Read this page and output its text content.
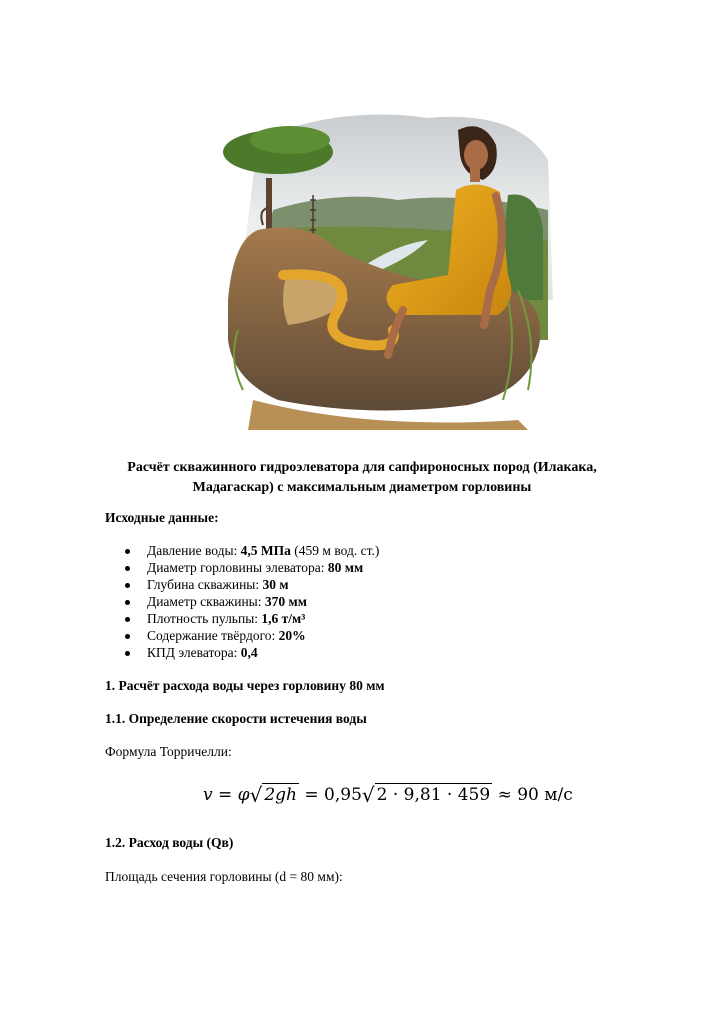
Расчёт скважинного гидроэлеватора для сапфироносных пород (Илакака, Мадагаскар) с максимальным диаметром горловины
Исходные данные:
Давление воды: 4,5 МПа (459 м вод. ст.)
Диаметр горловины элеватора: 80 мм
Глубина скважины: 30 м
Диаметр скважины: 370 мм
Плотность пульпы: 1,6 т/м³
Содержание твёрдого: 20%
КПД элеватора: 0,4
1. Расчёт расхода воды через горловину 80 мм
1.1. Определение скорости истечения воды
Формула Торричелли:
v = φ √ 2gh = 0,95 √ 2 · 9,81 · 459 ≈ 90 м/с
1.2. Расход воды (Qв)
Площадь сечения горловины (d = 80 мм):
